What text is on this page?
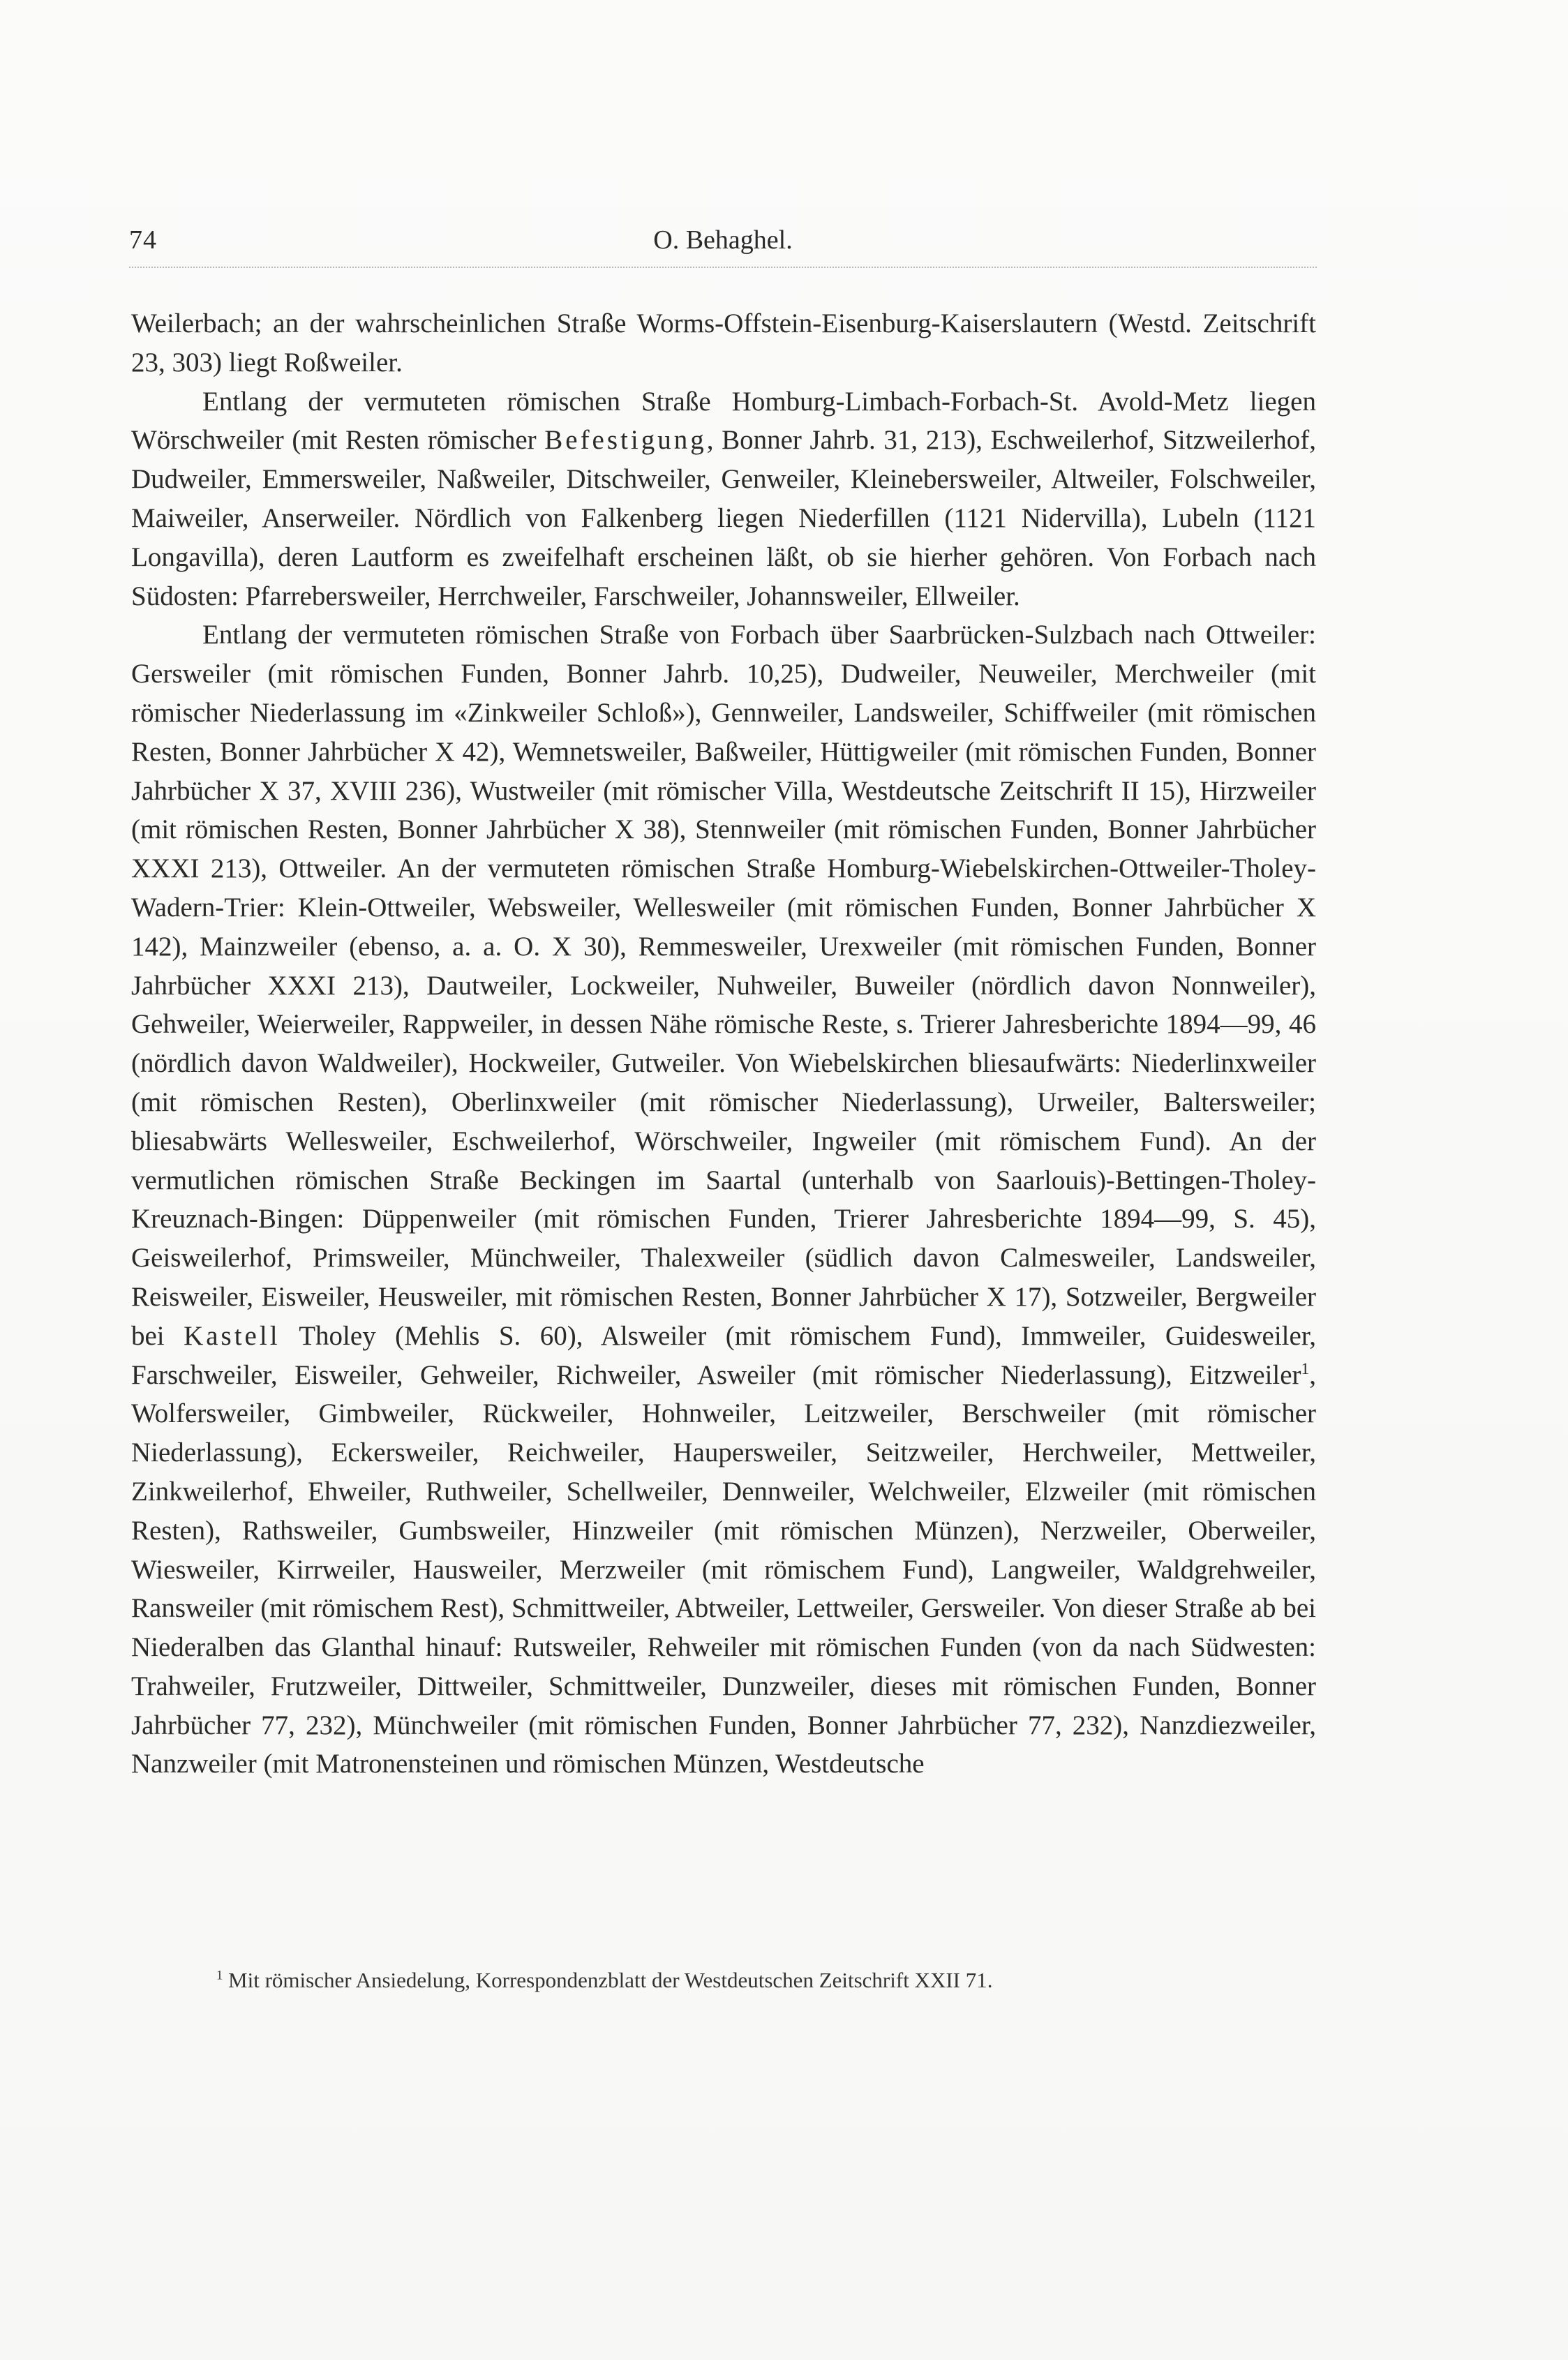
74	O. Behaghel.

Weilerbach; an der wahrscheinlichen Straße Worms-Offstein-Eisenburg-Kaiserslautern (Westd. Zeitschrift 23, 303) liegt Roßweiler.

Entlang der vermuteten römischen Straße Homburg-Limbach-Forbach-St. Avold-Metz liegen Wörschweiler (mit Resten römischer Befestigung, Bonner Jahrb. 31, 213), Eschweilerhof, Sitzweilerhof, Dudweiler, Emmersweiler, Naßweiler, Ditschweiler, Genweiler, Kleinebersweiler, Altweiler, Folschweiler, Maiweiler, Anserweiler. Nördlich von Falkenberg liegen Niederfillen (1121 Nidervilla), Lubeln (1121 Longavilla), deren Lautform es zweifelhaft erscheinen läßt, ob sie hierher gehören. Von Forbach nach Südosten: Pfarrebersweiler, Herrchweiler, Farschweiler, Johannsweiler, Ellweiler.

Entlang der vermuteten römischen Straße von Forbach über Saarbrücken-Sulzbach nach Ottweiler: Gersweiler (mit römischen Funden, Bonner Jahrb. 10,25), Dudweiler, Neuweiler, Merchweiler (mit römischer Niederlassung im «Zinkweiler Schloß»), Gennweiler, Landsweiler, Schiffweiler (mit römischen Resten, Bonner Jahrbücher X 42), Wemnetsweiler, Baßweiler, Hüttigweiler (mit römischen Funden, Bonner Jahrbücher X 37, XVIII 236), Wustweiler (mit römischer Villa, Westdeutsche Zeitschrift II 15), Hirzweiler (mit römischen Resten, Bonner Jahrbücher X 38), Stennweiler (mit römischen Funden, Bonner Jahrbücher XXXI 213), Ottweiler. An der vermuteten römischen Straße Homburg-Wiebelskirchen-Ottweiler-Tholey-Wadern-Trier: Klein-Ottweiler, Websweiler, Wellesweiler (mit römischen Funden, Bonner Jahrbücher X 142), Mainzweiler (ebenso, a. a. O. X 30), Remmesweiler, Urexweiler (mit römischen Funden, Bonner Jahrbücher XXXI 213), Dautweiler, Lockweiler, Nuhweiler, Buweiler (nördlich davon Nonnweiler), Gehweiler, Weierweiler, Rappweiler, in dessen Nähe römische Reste, s. Trierer Jahresberichte 1894—99, 46 (nördlich davon Waldweiler), Hockweiler, Gutweiler. Von Wiebelskirchen bliesaufwärts: Niederlinxweiler (mit römischen Resten), Oberlinxweiler (mit römischer Niederlassung), Urweiler, Baltersweiler; bliesabwärts Wellesweiler, Eschweilerhof, Wörschweiler, Ingweiler (mit römischem Fund). An der vermutlichen römischen Straße Beckingen im Saartal (unterhalb von Saarlouis)-Bettingen-Tholey-Kreuznach-Bingen: Düppenweiler (mit römischen Funden, Trierer Jahresberichte 1894—99, S. 45), Geisweilerhof, Primsweiler, Münchweiler, Thalexweiler (südlich davon Calmesweiler, Landsweiler, Reisweiler, Eisweiler, Heusweiler, mit römischen Resten, Bonner Jahrbücher X 17), Sotzweiler, Bergweiler bei Kastell Tholey (Mehlis S. 60), Alsweiler (mit römischem Fund), Immweiler, Guidesweiler, Farschweiler, Eisweiler, Gehweiler, Richweiler, Asweiler (mit römischer Niederlassung), Eitzweiler$^1$, Wolfersweiler, Gimbweiler, Rückweiler, Hohnweiler, Leitzweiler, Berschweiler (mit römischer Niederlassung), Eckersweiler, Reichweiler, Haupersweiler, Seitzweiler, Herchweiler, Mettweiler, Zinkweilerhof, Ehweiler, Ruthweiler, Schellweiler, Dennweiler, Welchweiler, Elzweiler (mit römischen Resten), Rathsweiler, Gumbsweiler, Hinzweiler (mit römischen Münzen), Nerzweiler, Oberweiler, Wiesweiler, Kirrweiler, Hausweiler, Merzweiler (mit römischem Fund), Langweiler, Waldgrehweiler, Ransweiler (mit römischem Rest), Schmittweiler, Abtweiler, Lettweiler, Gersweiler. Von dieser Straße ab bei Niederalben das Glanthal hinauf: Rutsweiler, Rehweiler mit römischen Funden (von da nach Südwesten: Trahweiler, Frutzweiler, Dittweiler, Schmittweiler, Dunzweiler, dieses mit römischen Funden, Bonner Jahrbücher 77, 232), Münchweiler (mit römischen Funden, Bonner Jahrbücher 77, 232), Nanzdiezweiler, Nanzweiler (mit Matronensteinen und römischen Münzen, Westdeutsche

$^1$ Mit römischer Ansiedelung, Korrespondenzblatt der Westdeutschen Zeitschrift XXII 71.
